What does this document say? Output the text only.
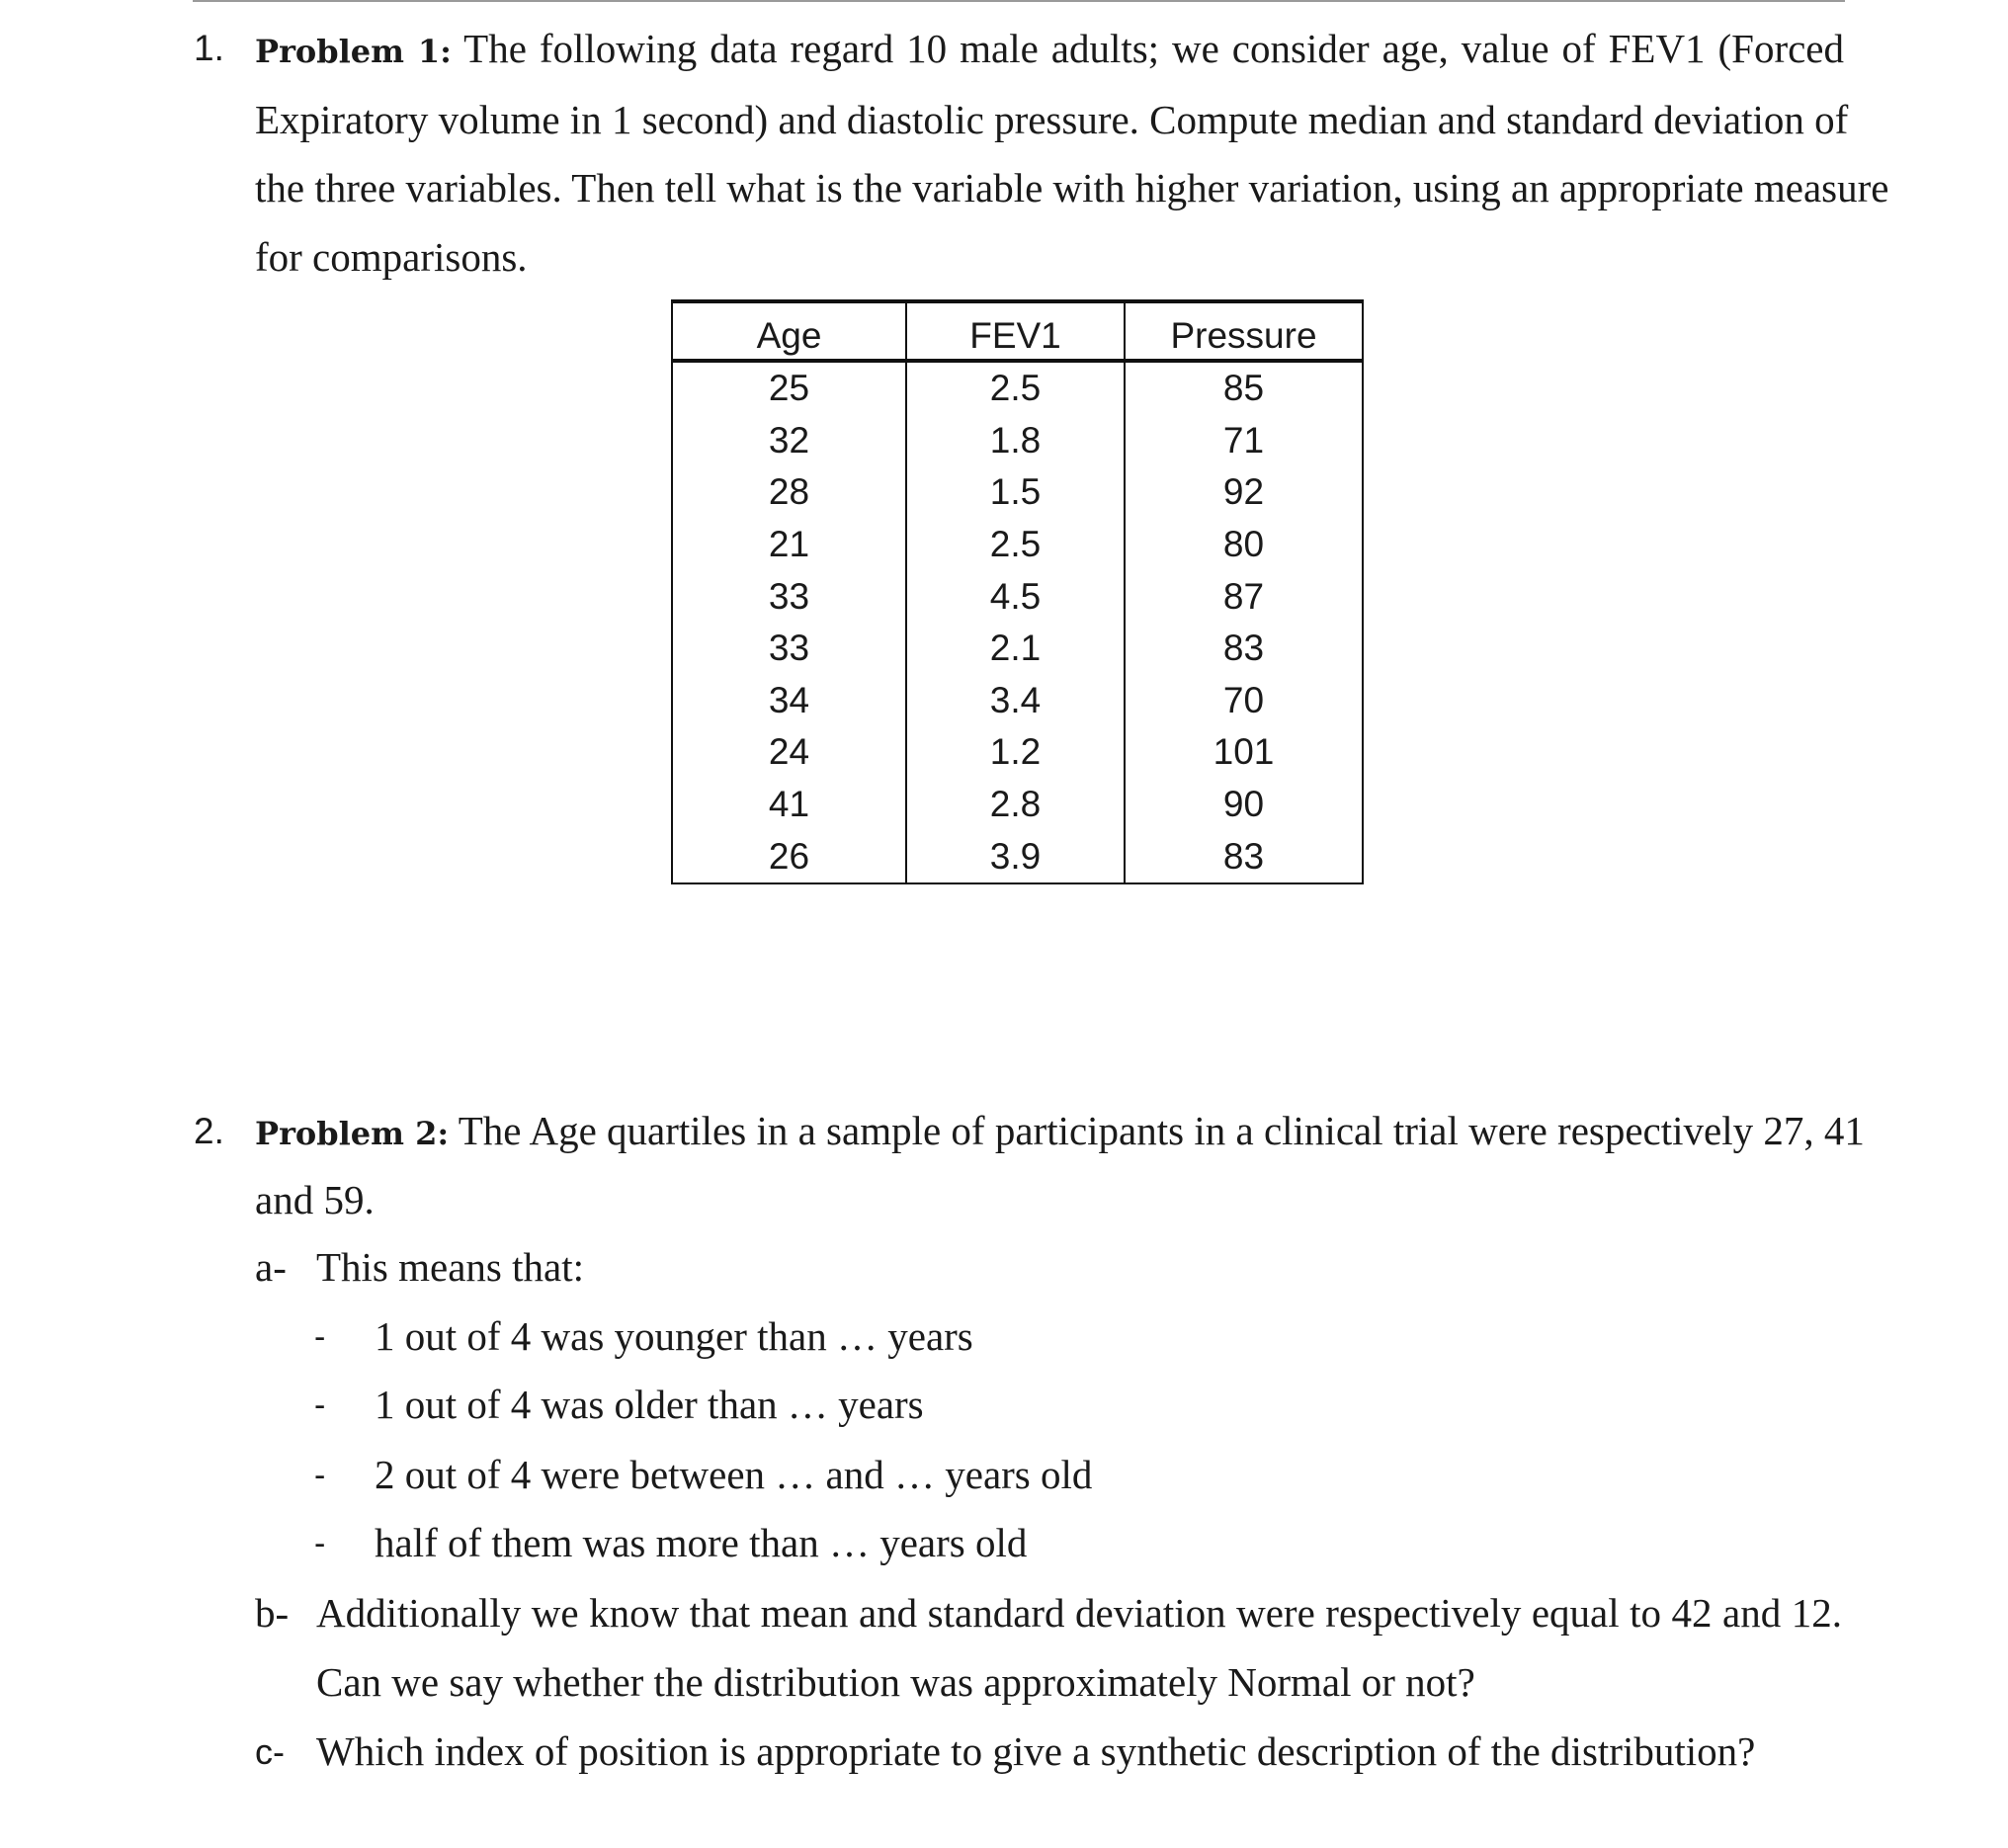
1. Problem 1: The following data regard 10 male adults; we consider age, value of FEV1 (Forced
Expiratory volume in 1 second) and diastolic pressure. Compute median and standard deviation of
the three variables. Then tell what is the variable with higher variation, using an appropriate measure
for comparisons.
Age	FEV1	Pressure
25	2.5	85
32	1.8	71
28	1.5	92
21	2.5	80
33	4.5	87
33	2.1	83
34	3.4	70
24	1.2	101
41	2.8	90
26	3.9	83
2. Problem 2: The Age quartiles in a sample of participants in a clinical trial were respectively 27, 41
and 59.
a- This means that:
- 1 out of 4 was younger than … years
- 1 out of 4 was older than … years
- 2 out of 4 were between … and … years old
- half of them was more than … years old
b- Additionally we know that mean and standard deviation were respectively equal to 42 and 12.
Can we say whether the distribution was approximately Normal or not?
c- Which index of position is appropriate to give a synthetic description of the distribution?
